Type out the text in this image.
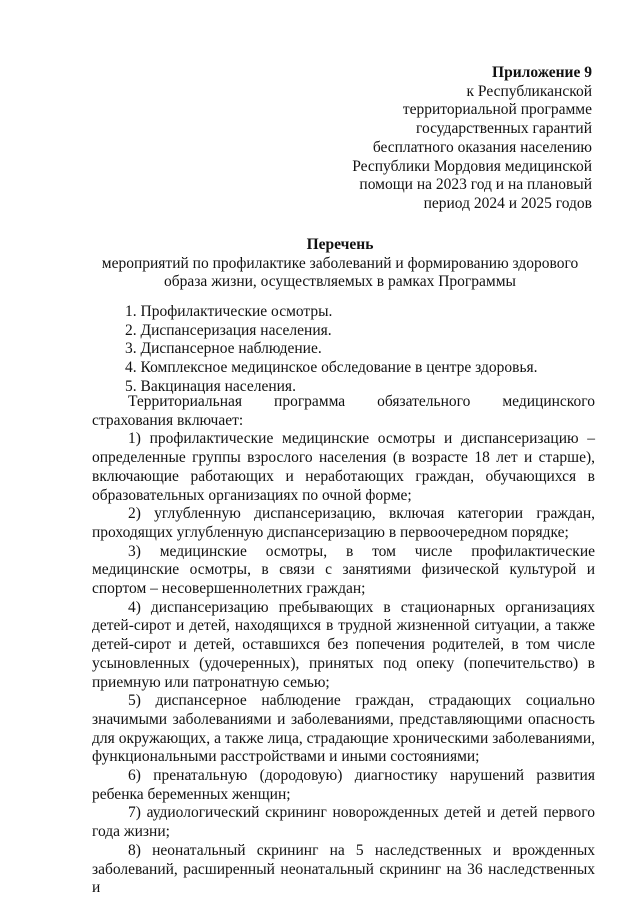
Приложение 9
к Республиканской
территориальной программе
государственных гарантий
бесплатного оказания населению
Республики Мордовия медицинской
помощи на 2023 год и на плановый
период 2024 и 2025 годов
Перечень
мероприятий по профилактике заболеваний и формированию здорового
образа жизни, осуществляемых в рамках Программы
1. Профилактические осмотры.
2. Диспансеризация населения.
3. Диспансерное наблюдение.
4. Комплексное медицинское обследование в центре здоровья.
5. Вакцинация населения.

Территориальная программа обязательного медицинского страхования включает:

1) профилактические медицинские осмотры и диспансеризацию – определенные группы взрослого населения (в возрасте 18 лет и старше), включающие работающих и неработающих граждан, обучающихся в образовательных организациях по очной форме;

2) углубленную диспансеризацию, включая категории граждан, проходящих углубленную диспансеризацию в первоочередном порядке;

3) медицинские осмотры, в том числе профилактические медицинские осмотры, в связи с занятиями физической культурой и спортом – несовершеннолетних граждан;

4) диспансеризацию пребывающих в стационарных организациях детей-сирот и детей, находящихся в трудной жизненной ситуации, а также детей-сирот и детей, оставшихся без попечения родителей, в том числе усыновленных (удочеренных), принятых под опеку (попечительство) в приемную или патронатную семью;

5) диспансерное наблюдение граждан, страдающих социально значимыми заболеваниями и заболеваниями, представляющими опасность для окружающих, а также лица, страдающие хроническими заболеваниями, функциональными расстройствами и иными состояниями;

6) пренатальную (дородовую) диагностику нарушений развития ребенка беременных женщин;

7) аудиологический скрининг новорожденных детей и детей первого года жизни;

8) неонатальный скрининг на 5 наследственных и врожденных заболеваний, расширенный неонатальный скрининг на 36 наследственных и
